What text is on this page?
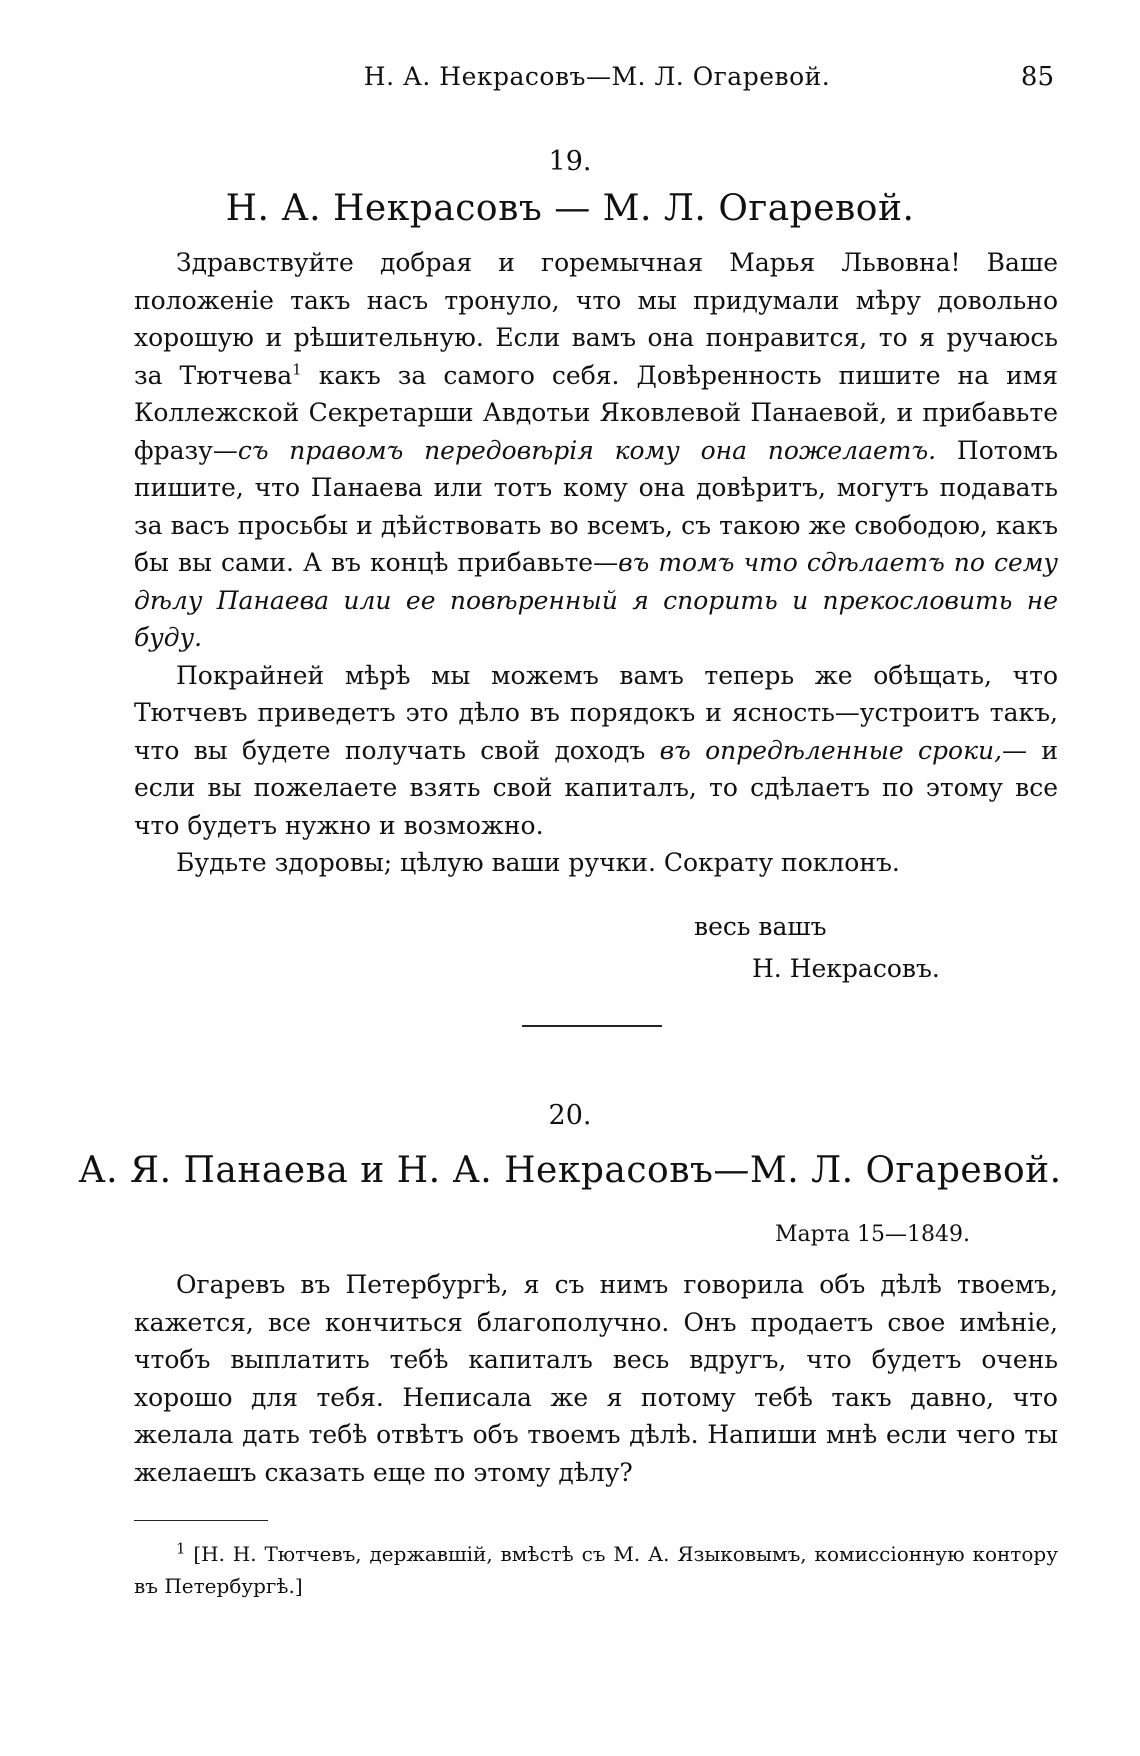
Н. А. Некрасовъ—М. Л. Огаревой.	85
19.
Н. А. Некрасовъ — М. Л. Огаревой.

Здравствуйте добрая и горемычная Марья Львовна! Ваше положенiе такъ насъ тронуло, что мы придумали мѣру довольно хорошую и рѣшительную. Если вамъ она понравится, то я ручаюсь за Тютчева$^1$ какъ за самого себя. Довѣренность пишите на имя Коллежской Секретарши Авдотьи Яковлевой Панаевой, и прибавьте фразу—съ правомъ передовѣрiя кому она пожелаетъ. Потомъ пишите, что Панаева или тотъ кому она довѣритъ, могутъ подавать за васъ просьбы и дѣйствовать во всемъ, съ такою же свободою, какъ бы вы сами. А въ концѣ прибавьте—въ томъ что сдѣлаетъ по сему дѣлу Панаева или ее повѣренный я спорить и прекословить не буду.

Покрайней мѣрѣ мы можемъ вамъ теперь же обѣщать, что Тютчевъ приведетъ это дѣло въ порядокъ и ясность—устроитъ такъ, что вы будете получать свой доходъ въ опредѣленные сроки,— и если вы пожелаете взять свой капиталъ, то сдѣлаетъ по этому все что будетъ нужно и возможно.

Будьте здоровы; цѣлую ваши ручки. Сократу поклонъ.

весь вашъ
Н. Некрасовъ.
20.
А. Я. Панаева и Н. А. Некрасовъ—М. Л. Огаревой.
Марта 15—1849.

Огаревъ въ Петербургѣ, я съ нимъ говорила объ дѣлѣ твоемъ, кажется, все кончиться благополучно. Онъ продаетъ свое имѣнiе, чтобъ выплатить тебѣ капиталъ весь вдругъ, что будетъ очень хорошо для тебя. Неписала же я потому тебѣ такъ давно, что желала дать тебѣ отвѣтъ объ твоемъ дѣлѣ. Напиши мнѣ если чего ты желаешъ сказать еще по этому дѣлу?

$^1$ [Н. Н. Тютчевъ, державшiй, вмѣстѣ съ М. А. Языковымъ, комиссiонную контору въ Петербургѣ.]
